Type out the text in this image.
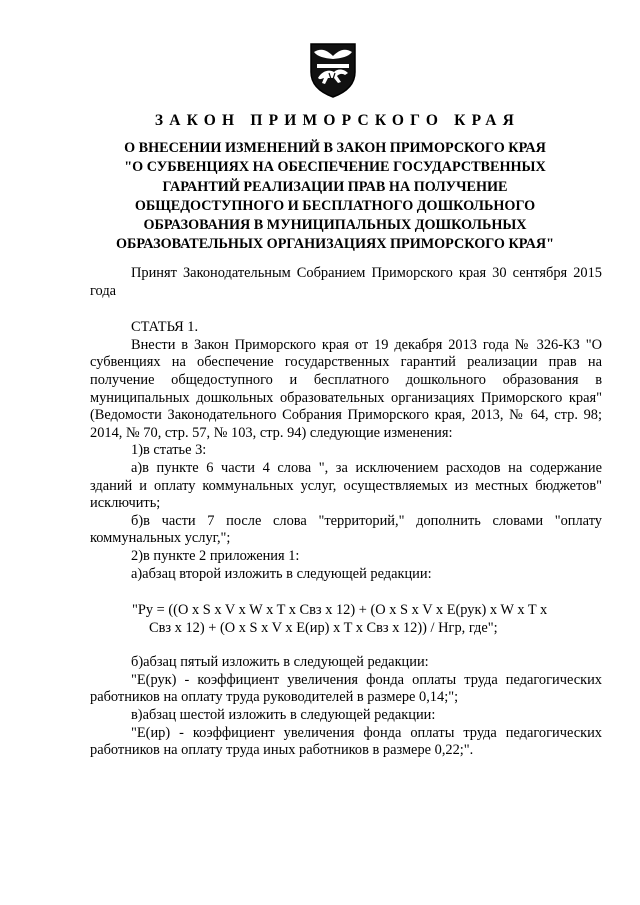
ЗАКОН ПРИМОРСКОГО КРАЯ
О ВНЕСЕНИИ ИЗМЕНЕНИЙ В ЗАКОН ПРИМОРСКОГО КРАЯ
"О СУБВЕНЦИЯХ НА ОБЕСПЕЧЕНИЕ ГОСУДАРСТВЕННЫХ
ГАРАНТИЙ РЕАЛИЗАЦИИ ПРАВ НА ПОЛУЧЕНИЕ
ОБЩЕДОСТУПНОГО И БЕСПЛАТНОГО ДОШКОЛЬНОГО
ОБРАЗОВАНИЯ В МУНИЦИПАЛЬНЫХ ДОШКОЛЬНЫХ
ОБРАЗОВАТЕЛЬНЫХ ОРГАНИЗАЦИЯХ ПРИМОРСКОГО КРАЯ"
Принят Законодательным Собранием Приморского края 30 сентября 2015 года
СТАТЬЯ 1.
Внести в Закон Приморского края от 19 декабря 2013 года № 326-КЗ "О субвенциях на обеспечение государственных гарантий реализации прав на получение общедоступного и бесплатного дошкольного образования в муниципальных дошкольных образовательных организациях Приморского края" (Ведомости Законодательного Собрания Приморского края, 2013, № 64, стр. 98; 2014, № 70, стр. 57, № 103, стр. 94) следующие изменения:
1)в статье 3:
а)в пункте 6 части 4 слова ", за исключением расходов на содержание зданий и оплату коммунальных услуг, осуществляемых из местных бюджетов" исключить;
б)в части 7 после слова "территорий," дополнить словами "оплату коммунальных услуг,";
2)в пункте 2 приложения 1:
а)абзац второй изложить в следующей редакции:
"Ру = ((О x S x V x W x T x Свз x 12) + (О x S x V x Е(рук) x W x T x
Свз x 12) + (О x S x V x Е(ир) x T x Свз x 12)) / Нгр, где";
б)абзац пятый изложить в следующей редакции:
"Е(рук) - коэффициент увеличения фонда оплаты труда педагогических работников на оплату труда руководителей в размере 0,14;";
в)абзац шестой изложить в следующей редакции:
"Е(ир) - коэффициент увеличения фонда оплаты труда педагогических работников на оплату труда иных работников в размере 0,22;".
